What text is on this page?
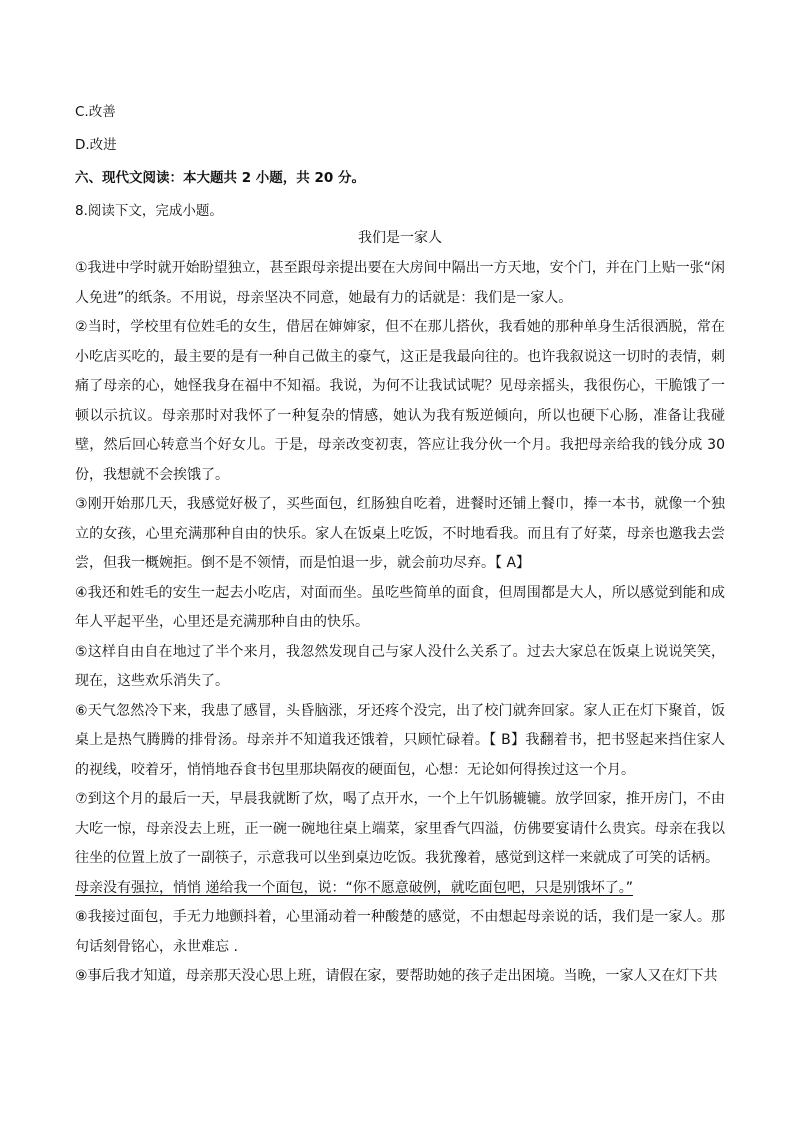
C.改善
D.改进
六、现代文阅读：本大题共 2 小题，共 20 分。
8.阅读下文，完成小题。
我们是一家人

①我进中学时就开始盼望独立，甚至跟母亲提出要在大房间中隔出一方天地，安个门，并在门上贴一张“闲人免进”的纸条。不用说，母亲坚决不同意，她最有力的话就是：我们是一家人。

②当时，学校里有位姓毛的女生，借居在婶婶家，但不在那儿搭伙，我看她的那种单身生活很洒脱，常在小吃店买吃的，最主要的是有一种自己做主的豪气，这正是我最向往的。也许我叙说这一切时的表情，刺痛了母亲的心，她怪我身在福中不知福。我说，为何不让我试试呢？见母亲摇头，我很伤心，干脆饿了一顿以示抗议。母亲那时对我怀了一种复杂的情感，她认为我有叛逆倾向，所以也硬下心肠，准备让我碰壁，然后回心转意当个好女儿。于是，母亲改变初衷，答应让我分伙一个月。我把母亲给我的钱分成 30 份，我想就不会挨饿了。

③刚开始那几天，我感觉好极了，买些面包，红肠独自吃着，进餐时还铺上餐巾，捧一本书，就像一个独立的女孩，心里充满那种自由的快乐。家人在饭桌上吃饭，不时地看我。而且有了好菜，母亲也邀我去尝尝，但我一概婉拒。倒不是不领情，而是怕退一步，就会前功尽弃。【 A】

④我还和姓毛的安生一起去小吃店，对面而坐。虽吃些简单的面食，但周围都是大人，所以感觉到能和成年人平起平坐，心里还是充满那种自由的快乐。

⑤这样自由自在地过了半个来月，我忽然发现自己与家人没什么关系了。过去大家总在饭桌上说说笑笑，现在，这些欢乐消失了。

⑥天气忽然冷下来，我患了感冒，头昏脑涨，牙还疼个没完，出了校门就奔回家。家人正在灯下聚首，饭桌上是热气腾腾的排骨汤。母亲并不知道我还饿着，只顾忙碌着。【 B】我翻着书，把书竖起来挡住家人的视线，咬着牙，悄悄地吞食书包里那块隔夜的硬面包，心想：无论如何得挨过这一个月。

⑦到这个月的最后一天，早晨我就断了炊，喝了点开水，一个上午饥肠辘辘。放学回家，推开房门，不由大吃一惊，母亲没去上班，正一碗一碗地往桌上端菜，家里香气四溢，仿佛要宴请什么贵宾。母亲在我以往坐的位置上放了一副筷子，示意我可以坐到桌边吃饭。我犹豫着，感觉到这样一来就成了可笑的话柄。

母亲没有强拉，悄悄 递给我一个面包，说：“你不愿意破例，就吃面包吧，只是别饿坏了。”

⑧我接过面包，手无力地颤抖着，心里涌动着一种酸楚的感觉，不由想起母亲说的话，我们是一家人。那句话刻骨铭心，永世难忘 .

⑨事后我才知道，母亲那天没心思上班，请假在家，要帮助她的孩子走出困境。当晚，一家人又在灯下共
